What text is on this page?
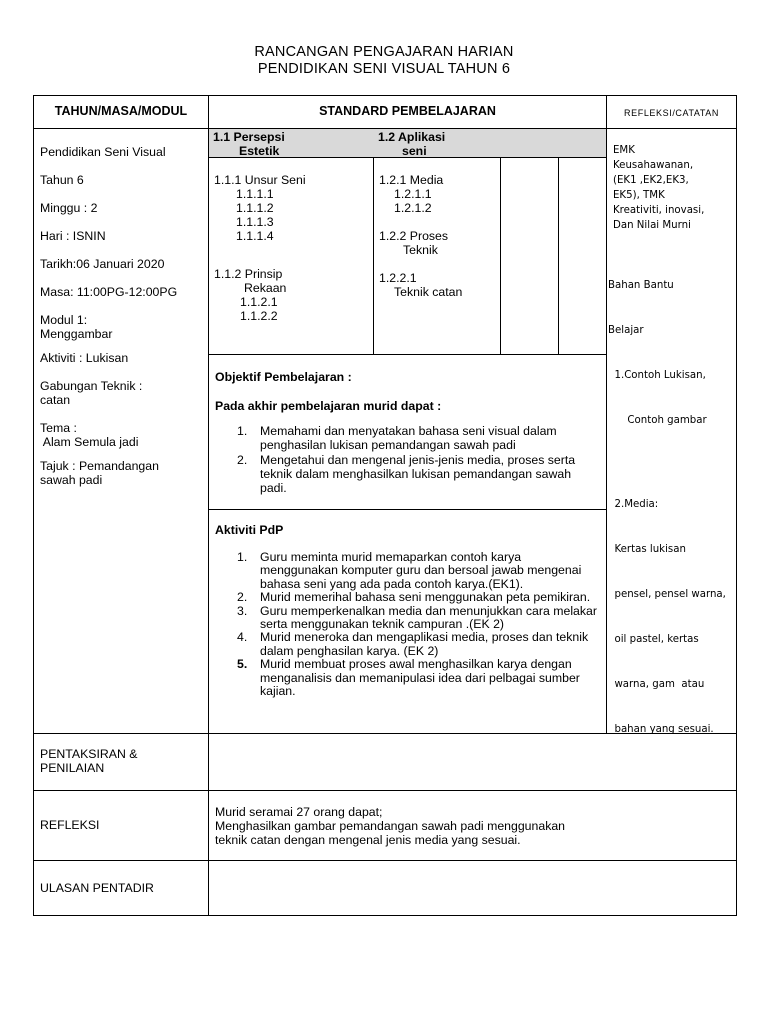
RANCANGAN PENGAJARAN HARIAN
PENDIDIKAN SENI VISUAL TAHUN 6
TAHUN/MASA/MODUL	STANDARD PEMBELAJARAN	REFLEKSI/CATATAN
1.1 Persepsi
Estetik
1.2 Aplikasi
seni
1.1.1 Unsur Seni
1.1.1.1
1.1.1.2
1.1.1.3
1.1.1.4
1.1.2 Prinsip
Rekaan
1.1.2.1
1.1.2.2
1.2.1 Media
1.2.1.1
1.2.1.2
1.2.2 Proses
Teknik
1.2.2.1
Teknik catan
Pendidikan Seni Visual
Tahun 6
Minggu : 2
Hari : ISNIN
Tarikh:06 Januari 2020
Masa: 11:00PG-12:00PG
Modul 1:
Menggambar
Aktiviti : Lukisan
Gabungan Teknik :
catan
Tema :
Alam Semula jadi
Tajuk : Pemandangan
sawah padi
Objektif Pembelajaran :
Pada akhir pembelajaran murid dapat :
1. Memahami dan menyatakan bahasa seni visual dalam penghasilan lukisan pemandangan sawah padi
2. Mengetahui dan mengenal jenis-jenis media, proses serta teknik dalam menghasilkan lukisan pemandangan sawah padi.
Aktiviti PdP
1. Guru meminta murid memaparkan contoh karya menggunakan komputer guru dan bersoal jawab mengenai bahasa seni yang ada pada contoh karya.(EK1).
2. Murid memerihal bahasa seni menggunakan peta pemikiran.
3. Guru memperkenalkan media dan menunjukkan cara melakar serta menggunakan teknik campuran .(EK 2)
4. Murid meneroka dan mengaplikasi media, proses dan teknik dalam penghasilan karya. (EK 2)
5. Murid membuat proses awal menghasilkan karya dengan menganalisis dan memanipulasi idea dari pelbagai sumber kajian.
EMK
Keusahawanan,
(EK1 ,EK2,EK3,
EK5), TMK
Kreativiti, inovasi,
Dan Nilai Murni

Bahan Bantu

Belajar

1.Contoh Lukisan,

Contoh gambar

2.Media:

Kertas lukisan

pensel, pensel warna,

oil pastel, kertas

warna, gam  atau

bahan yang sesuai.

PENTAKSIRAN &
PENILAIAN
REFLEKSI
Murid seramai 27 orang dapat;
Menghasilkan gambar pemandangan sawah padi menggunakan
teknik catan dengan mengenal jenis media yang sesuai.
ULASAN PENTADIR
